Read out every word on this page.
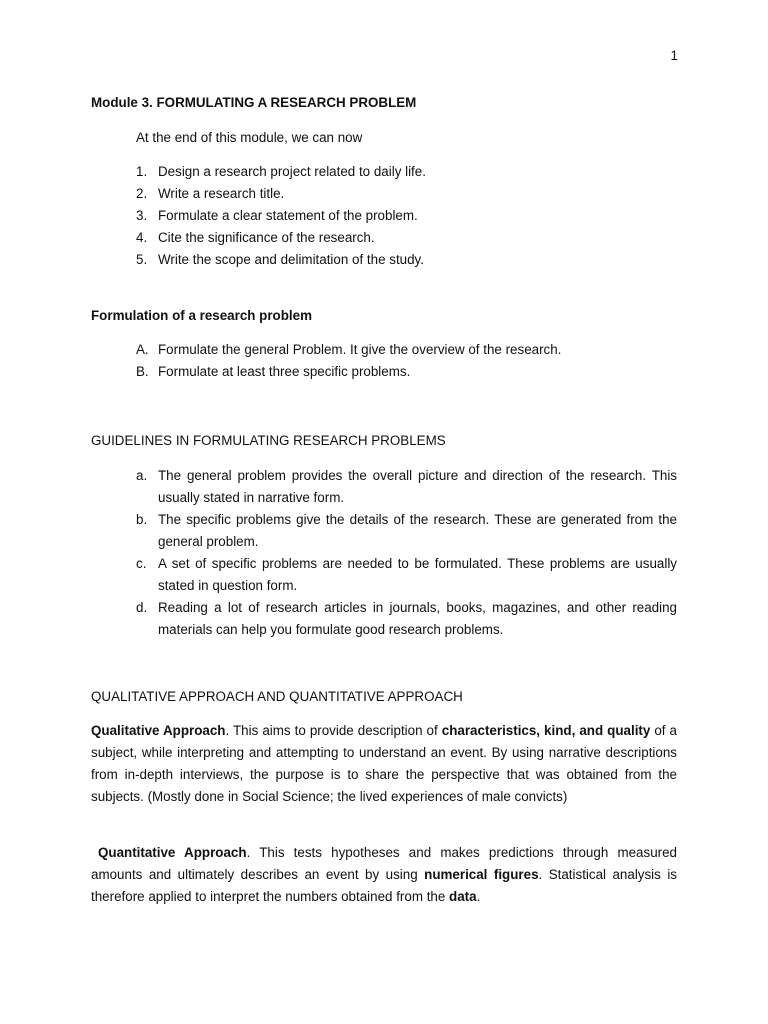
1
Module 3. FORMULATING A RESEARCH PROBLEM
At the end of this module, we can now
1. Design a research project related to daily life.
2. Write a research title.
3. Formulate a clear statement of the problem.
4. Cite the significance of the research.
5. Write the scope and delimitation of the study.
Formulation of a research problem
A. Formulate the general Problem. It give the overview of the research.
B. Formulate at least three specific problems.
GUIDELINES IN FORMULATING RESEARCH PROBLEMS
a. The general problem provides the overall picture and direction of the research. This usually stated in narrative form.
b. The specific problems give the details of the research. These are generated from the general problem.
c. A set of specific problems are needed to be formulated. These problems are usually stated in question form.
d. Reading a lot of research articles in journals, books, magazines, and other reading materials can help you formulate good research problems.
QUALITATIVE APPROACH AND QUANTITATIVE APPROACH

Qualitative Approach. This aims to provide description of characteristics, kind, and quality of a subject, while interpreting and attempting to understand an event. By using narrative descriptions from in-depth interviews, the purpose is to share the perspective that was obtained from the subjects. (Mostly done in Social Science; the lived experiences of male convicts)

Quantitative Approach. This tests hypotheses and makes predictions through measured amounts and ultimately describes an event by using numerical figures. Statistical analysis is therefore applied to interpret the numbers obtained from the data.
